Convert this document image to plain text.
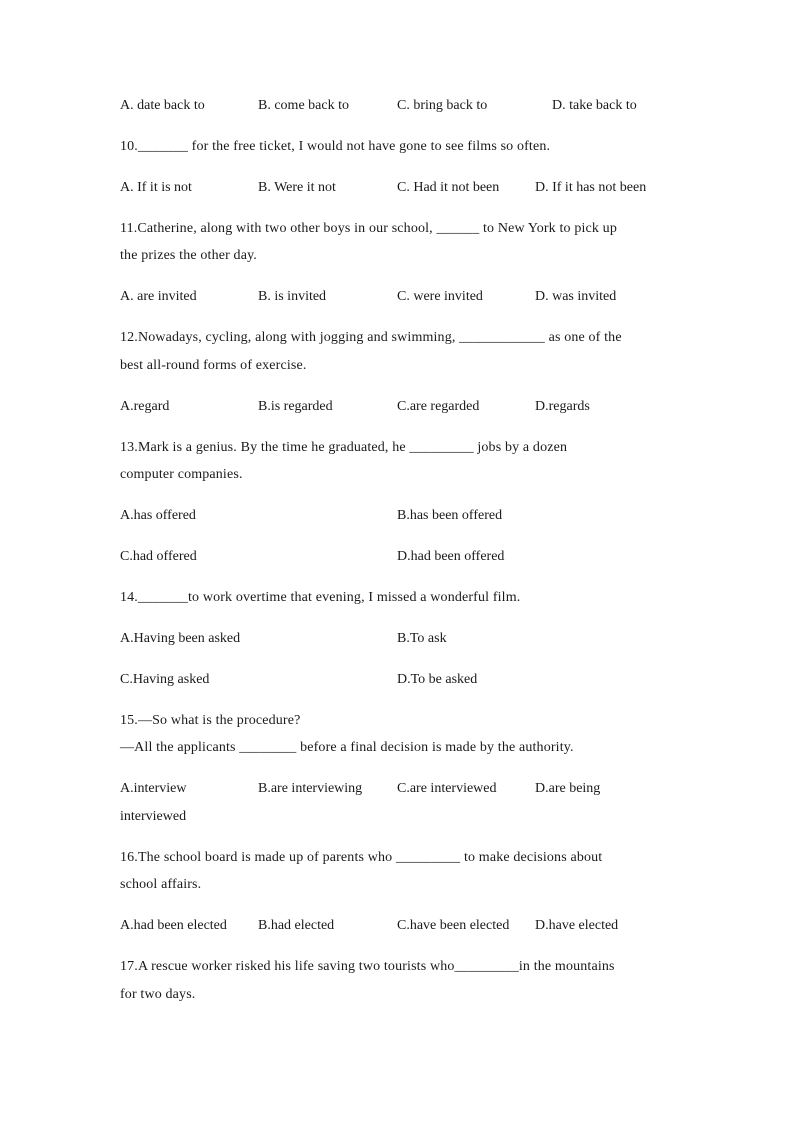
A. date back to	B. come back to	C. bring back to	D. take back to
10._______ for the free ticket, I would not have gone to see films so often.
A. If it is not	B. Were it not	C. Had it not been	D. If it has not been
11.Catherine, along with two other boys in our school, ______ to New York to pick up
the prizes the other day.
A. are invited	B. is invited	C. were invited	D. was invited
12.Nowadays, cycling, along with jogging and swimming, ____________ as one of the
best all-round forms of exercise.
A.regard	B.is regarded	C.are regarded	D.regards
13.Mark is a genius. By the time he graduated, he _________ jobs by a dozen
computer companies.
A.has offered	B.has been offered
C.had offered	D.had been offered
14._______to work overtime that evening, I missed a wonderful film.
A.Having been asked	B.To ask
C.Having asked	D.To be asked
15.—So what is the procedure?
—All the applicants ________ before a final decision is made by the authority.
A.interview	B.are interviewing C.are interviewed	D.are being
interviewed
16.The school board is made up of parents who _________ to make decisions about
school affairs.
A.had been elected B.had elected	C.have been elected D.have elected
17.A rescue worker risked his life saving two tourists who_________in the mountains
for two days.
